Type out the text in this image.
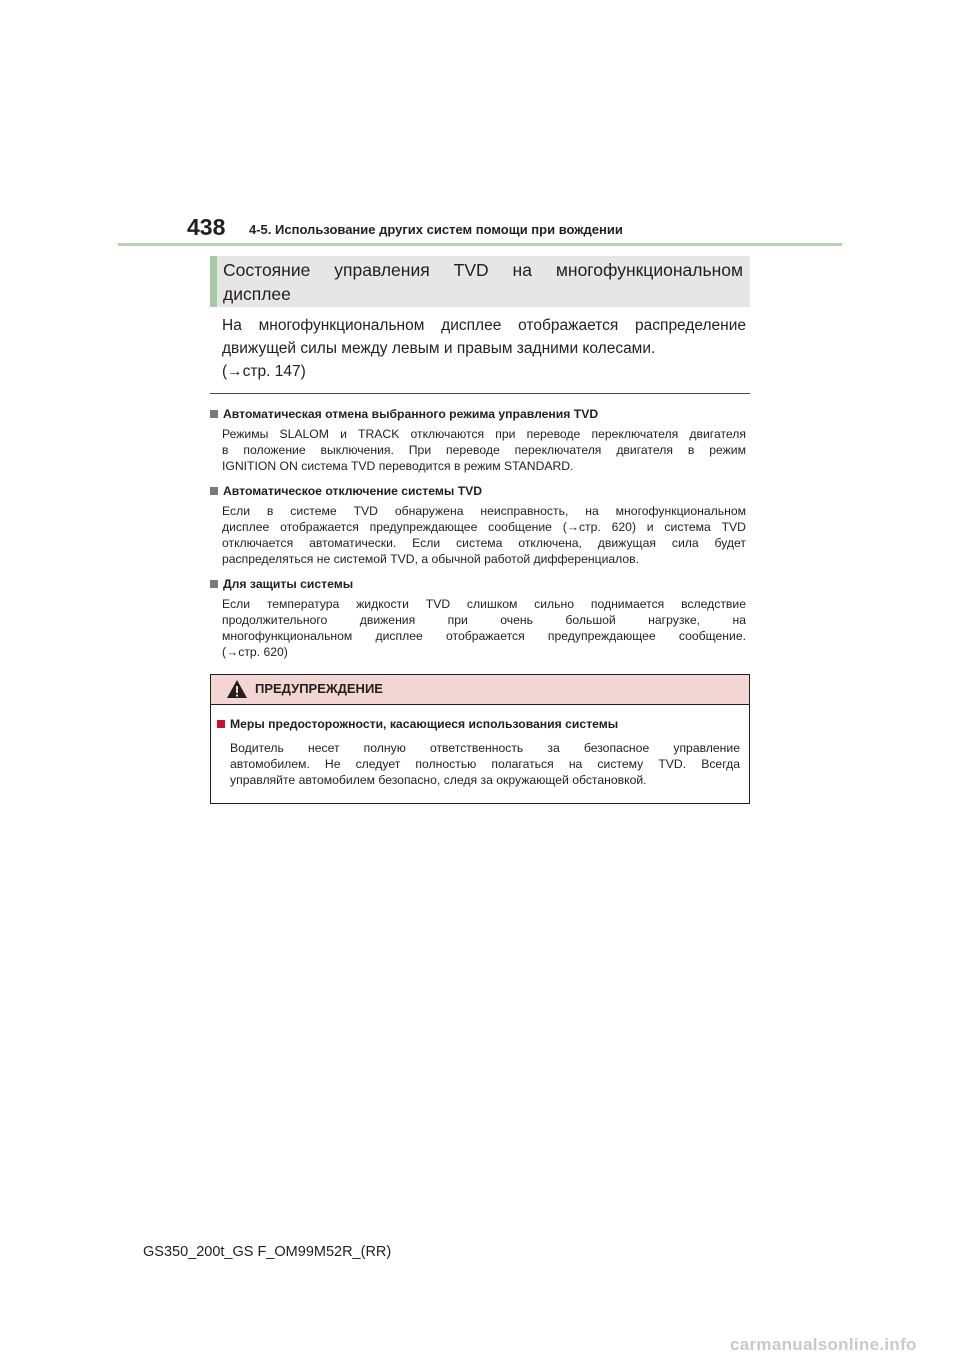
438 4-5. Использование других систем помощи при вождении
Состояние управления TVD на многофункциональном
дисплее
На многофункциональном дисплее отображается распределение
движущей силы между левым и правым задними колесами.
(→стр. 147)
Автоматическая отмена выбранного режима управления TVD
Режимы SLALOM и TRACK отключаются при переводе переключателя двигателя
в положение выключения. При переводе переключателя двигателя в режим
IGNITION ON система TVD переводится в режим STANDARD.
Автоматическое отключение системы TVD
Если в системе TVD обнаружена неисправность, на многофункциональном
дисплее отображается предупреждающее сообщение (→стр. 620) и система TVD
отключается автоматически. Если система отключена, движущая сила будет
распределяться не системой TVD, а обычной работой дифференциалов.
Для защиты системы
Если температура жидкости TVD слишком сильно поднимается вследствие
продолжительного движения при очень большой нагрузке, на
многофункциональном дисплее отображается предупреждающее сообщение.
(→стр. 620)
ПРЕДУПРЕЖДЕНИЕ
Меры предосторожности, касающиеся использования системы
Водитель несет полную ответственность за безопасное управление
автомобилем. Не следует полностью полагаться на систему TVD. Всегда
управляйте автомобилем безопасно, следя за окружающей обстановкой.
GS350_200t_GS F_OM99M52R_(RR)
carmanualsonline.info
